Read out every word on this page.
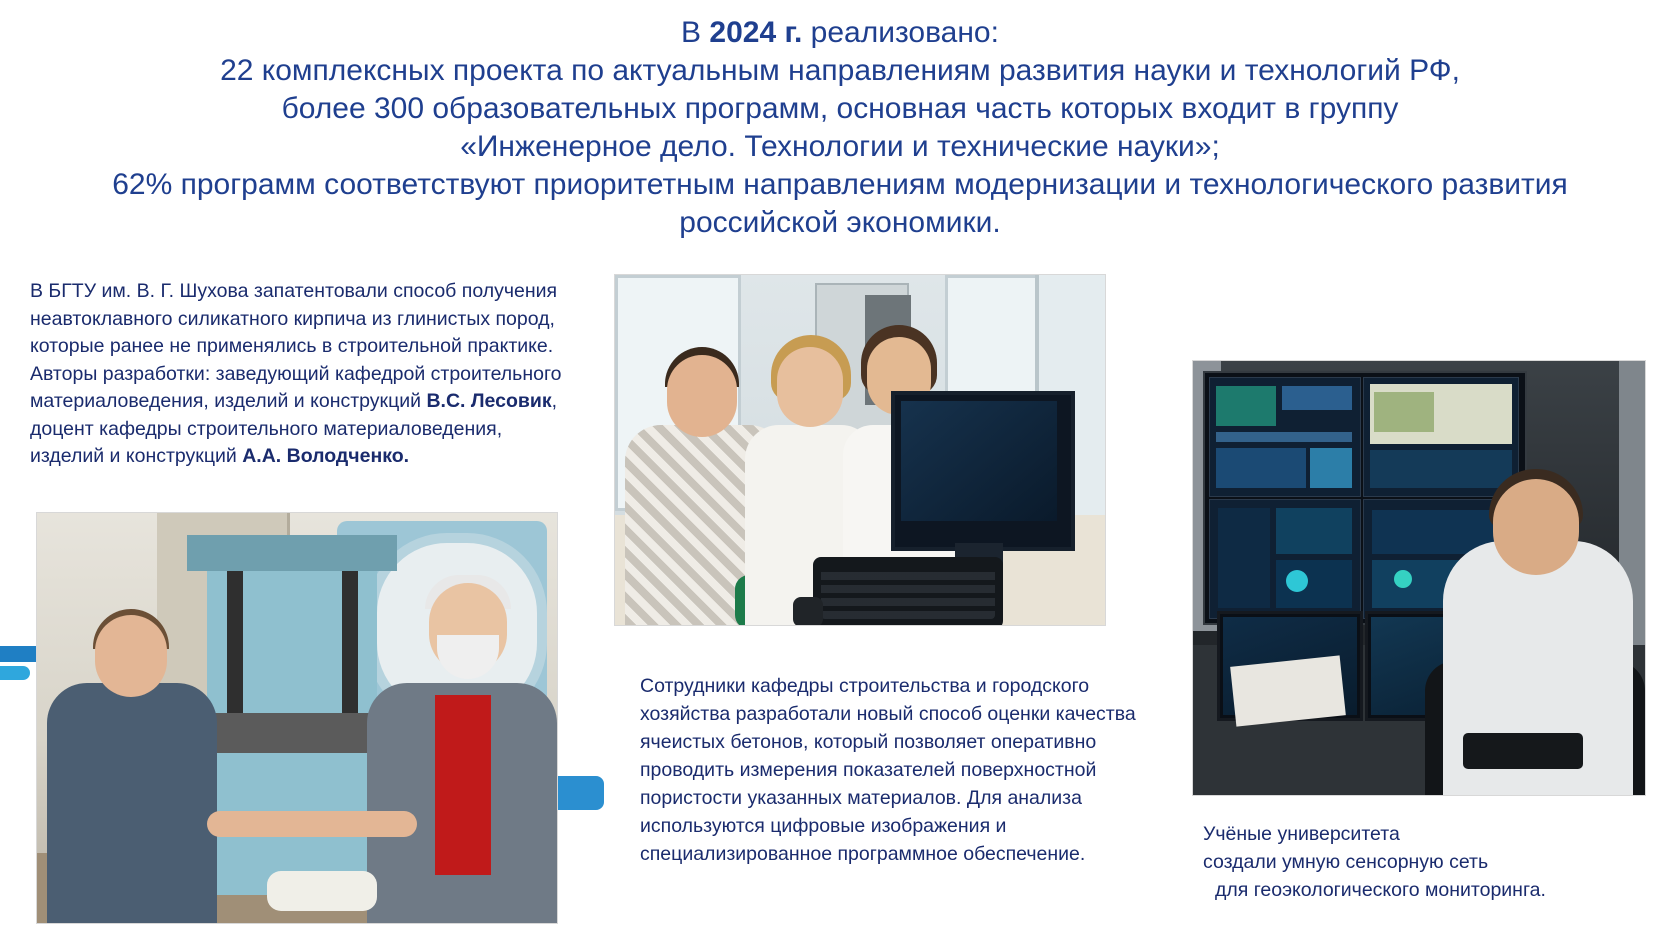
В 2024 г. реализовано:
22 комплексных проекта по актуальным направлениям развития науки и технологий РФ,
более 300 образовательных программ, основная часть которых входит в группу
«Инженерное дело. Технологии и технические науки»;
62% программ соответствуют приоритетным направлениям модернизации и технологического развития
российской экономики.
В БГТУ им. В. Г. Шухова запатентовали способ получения неавтоклавного силикатного кирпича из глинистых пород, которые ранее не применялись в строительной практике. Авторы разработки: заведующий кафедрой строительного материаловедения, изделий и конструкций В.С. Лесовик, доцент кафедры строительного материаловедения, изделий и конструкций А.А. Володченко.
Сотрудники кафедры строительства и городского хозяйства разработали новый способ оценки качества ячеистых бетонов, который позволяет оперативно проводить измерения показателей поверхностной пористости указанных материалов. Для анализа используются цифровые изображения и специализированное программное обеспечение.
Учёные университета
создали умную сенсорную сеть
для геоэкологического мониторинга.
